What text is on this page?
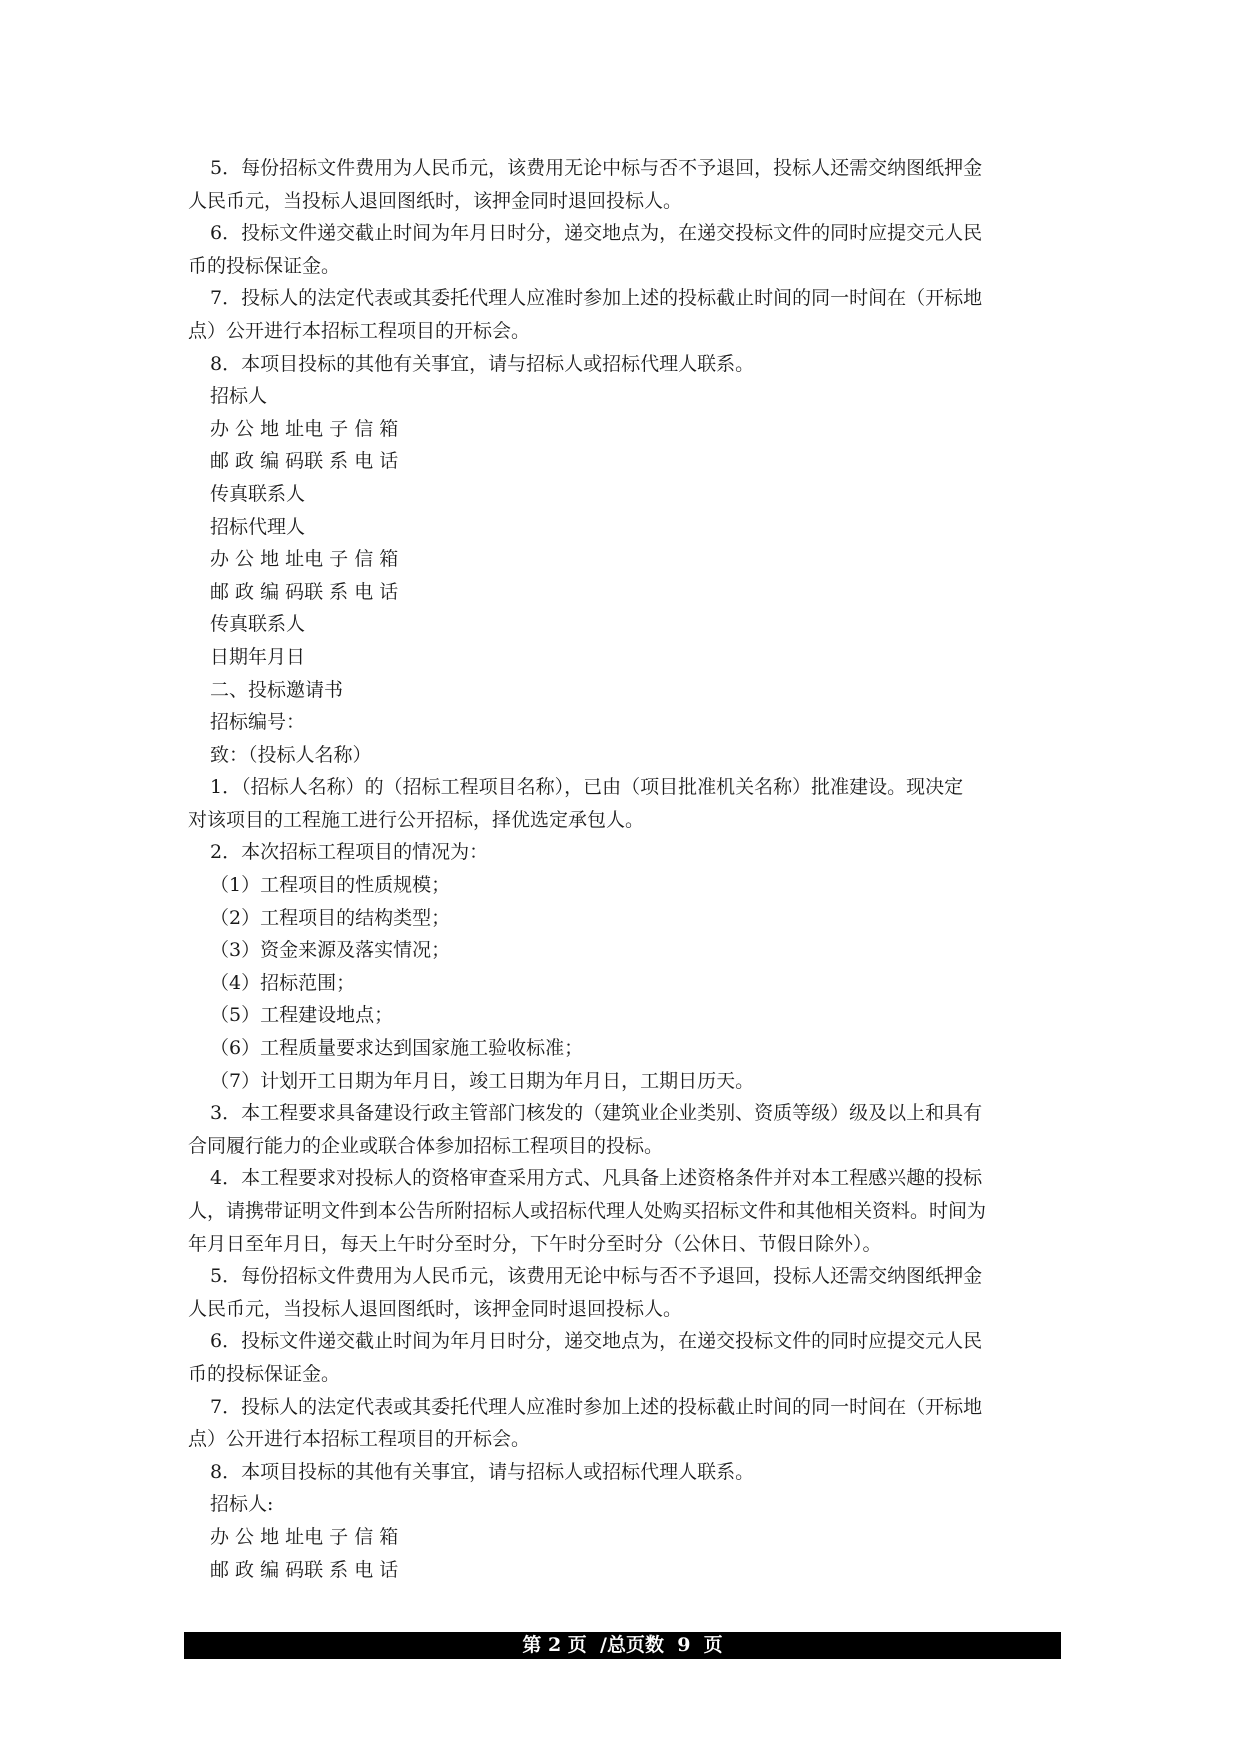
5．每份招标文件费用为人民币元，该费用无论中标与否不予退回，投标人还需交纳图纸押金
人民币元，当投标人退回图纸时，该押金同时退回投标人。
6．投标文件递交截止时间为年月日时分，递交地点为，在递交投标文件的同时应提交元人民
币的投标保证金。
7．投标人的法定代表或其委托代理人应准时参加上述的投标截止时间的同一时间在（开标地
点）公开进行本招标工程项目的开标会。
8．本项目投标的其他有关事宜，请与招标人或招标代理人联系。
招标人
办 公 地 址电 子 信 箱
邮 政 编 码联 系 电 话
传真联系人
招标代理人
办 公 地 址电 子 信 箱
邮 政 编 码联 系 电 话
传真联系人
日期年月日
二、投标邀请书
招标编号：
致：（投标人名称）
1．（招标人名称）的（招标工程项目名称），已由（项目批准机关名称）批准建设。现决定
对该项目的工程施工进行公开招标，择优选定承包人。
2．本次招标工程项目的情况为：
（1）工程项目的性质规模；
（2）工程项目的结构类型；
（3）资金来源及落实情况；
（4）招标范围；
（5）工程建设地点；
（6）工程质量要求达到国家施工验收标准；
（7）计划开工日期为年月日，竣工日期为年月日，工期日历天。
3．本工程要求具备建设行政主管部门核发的（建筑业企业类别、资质等级）级及以上和具有
合同履行能力的企业或联合体参加招标工程项目的投标。
4．本工程要求对投标人的资格审查采用方式、凡具备上述资格条件并对本工程感兴趣的投标
人，请携带证明文件到本公告所附招标人或招标代理人处购买招标文件和其他相关资料。时间为
年月日至年月日，每天上午时分至时分，下午时分至时分（公休日、节假日除外）。
5．每份招标文件费用为人民币元，该费用无论中标与否不予退回，投标人还需交纳图纸押金
人民币元，当投标人退回图纸时，该押金同时退回投标人。
6．投标文件递交截止时间为年月日时分，递交地点为，在递交投标文件的同时应提交元人民
币的投标保证金。
7．投标人的法定代表或其委托代理人应准时参加上述的投标截止时间的同一时间在（开标地
点）公开进行本招标工程项目的开标会。
8．本项目投标的其他有关事宜，请与招标人或招标代理人联系。
招标人:
办 公 地 址电 子 信 箱
邮 政 编 码联 系 电 话
第 2 页  /总页数  9  页
